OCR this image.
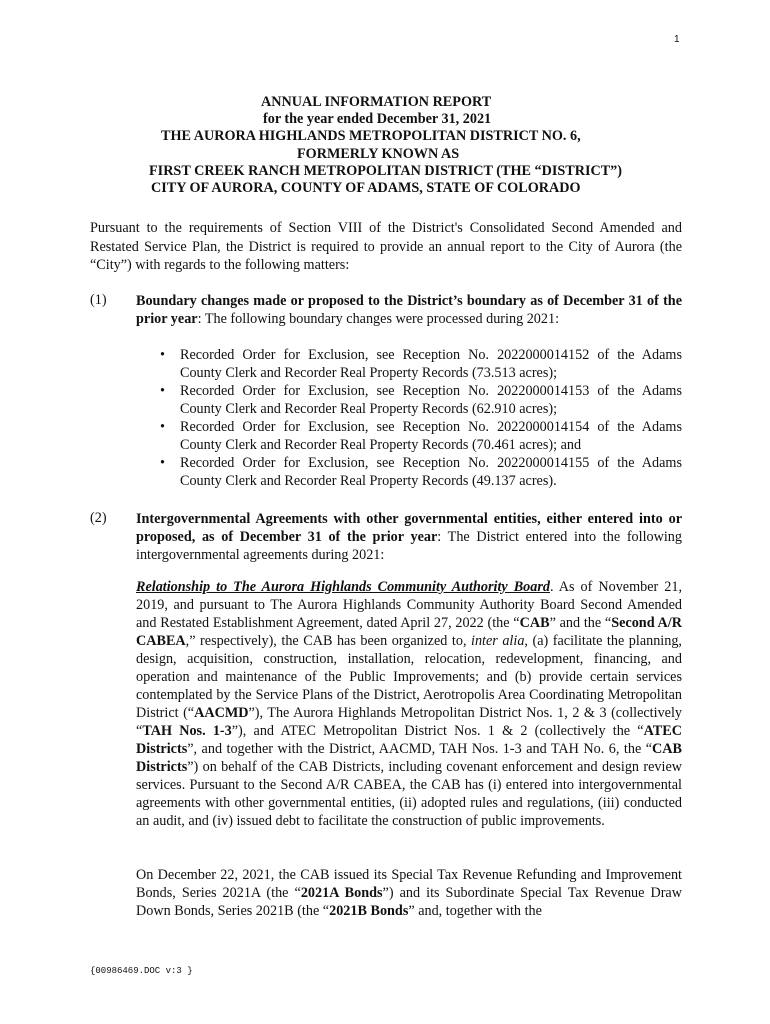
1
ANNUAL INFORMATION REPORT
for the year ended December 31, 2021
THE AURORA HIGHLANDS METROPOLITAN DISTRICT NO. 6,
FORMERLY KNOWN AS
FIRST CREEK RANCH METROPOLITAN DISTRICT (THE “DISTRICT”)
CITY OF AURORA, COUNTY OF ADAMS, STATE OF COLORADO
Pursuant to the requirements of Section VIII of the District's Consolidated Second Amended and Restated Service Plan, the District is required to provide an annual report to the City of Aurora (the “City”) with regards to the following matters:
(1) Boundary changes made or proposed to the District’s boundary as of December 31 of the prior year: The following boundary changes were processed during 2021:
• Recorded Order for Exclusion, see Reception No. 2022000014152 of the Adams County Clerk and Recorder Real Property Records (73.513 acres);
• Recorded Order for Exclusion, see Reception No. 2022000014153 of the Adams County Clerk and Recorder Real Property Records (62.910 acres);
• Recorded Order for Exclusion, see Reception No. 2022000014154 of the Adams County Clerk and Recorder Real Property Records (70.461 acres); and
• Recorded Order for Exclusion, see Reception No. 2022000014155 of the Adams County Clerk and Recorder Real Property Records (49.137 acres).
(2) Intergovernmental Agreements with other governmental entities, either entered into or proposed, as of December 31 of the prior year: The District entered into the following intergovernmental agreements during 2021:
Relationship to The Aurora Highlands Community Authority Board. As of November 21, 2019, and pursuant to The Aurora Highlands Community Authority Board Second Amended and Restated Establishment Agreement, dated April 27, 2022 (the “CAB” and the “Second A/R CABEA,” respectively), the CAB has been organized to, inter alia, (a) facilitate the planning, design, acquisition, construction, installation, relocation, redevelopment, financing, and operation and maintenance of the Public Improvements; and (b) provide certain services contemplated by the Service Plans of the District, Aerotropolis Area Coordinating Metropolitan District (“AACMD”), The Aurora Highlands Metropolitan District Nos. 1, 2 & 3 (collectively “TAH Nos. 1-3”), and ATEC Metropolitan District Nos. 1 & 2 (collectively the “ATEC Districts”, and together with the District, AACMD, TAH Nos. 1-3 and TAH No. 6, the “CAB Districts”) on behalf of the CAB Districts, including covenant enforcement and design review services. Pursuant to the Second A/R CABEA, the CAB has (i) entered into intergovernmental agreements with other governmental entities, (ii) adopted rules and regulations, (iii) conducted an audit, and (iv) issued debt to facilitate the construction of public improvements.
On December 22, 2021, the CAB issued its Special Tax Revenue Refunding and Improvement Bonds, Series 2021A (the “2021A Bonds”) and its Subordinate Special Tax Revenue Draw Down Bonds, Series 2021B (the “2021B Bonds” and, together with the
{00986469.DOC v:3 }
